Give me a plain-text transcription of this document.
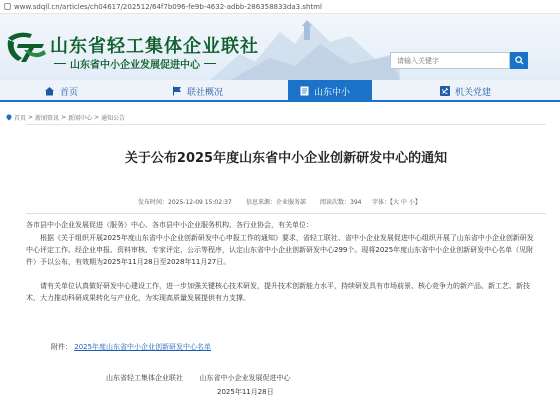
www.sdqll.cn/articles/ch04617/202512/64f7b096-fe9b-4632-adbb-286358833da3.shtml
山东省轻工集体企业联社
山东省中小企业发展促进中心
请输入关键字
首页	联社概况	山东中小	机关党建
首页 > 新闻资讯 > 新闻中心 > 通知公告
关于公布2025年度山东省中小企业创新研发中心的通知
发布时间：2025-12-09 15:02:37 信息来源：企业服务部 阅读次数：394 字体：【大 中 小】
各市县中小企业发展促进（服务）中心、各市县中小企业服务机构、各行业协会，有关单位：
根据《关于组织开展2025年度山东省中小企业创新研发中心申报工作的通知》要求，省轻工联社、省中小企业发展促进中心组织开展了山东省中小企业创新研发中心评定工作。经企业申报、资料审核、专家评定、公示等程序，认定山东省中小企业创新研发中心299个。现将2025年度山东省中小企业创新研发中心名单（见附件）予以公布，有效期为2025年11月28日至2028年11月27日。
请有关单位认真做好研发中心建设工作，进一步加强关键核心技术研发，提升技术创新能力水平，持续研发具有市场前景、核心竞争力的新产品、新工艺、新技术，大力推动科研成果转化与产业化，为实现高质量发展提供有力支撑。
附件： 2025年度山东省中小企业创新研发中心名单
山东省轻工集体企业联社 山东省中小企业发展促进中心
2025年11月28日
